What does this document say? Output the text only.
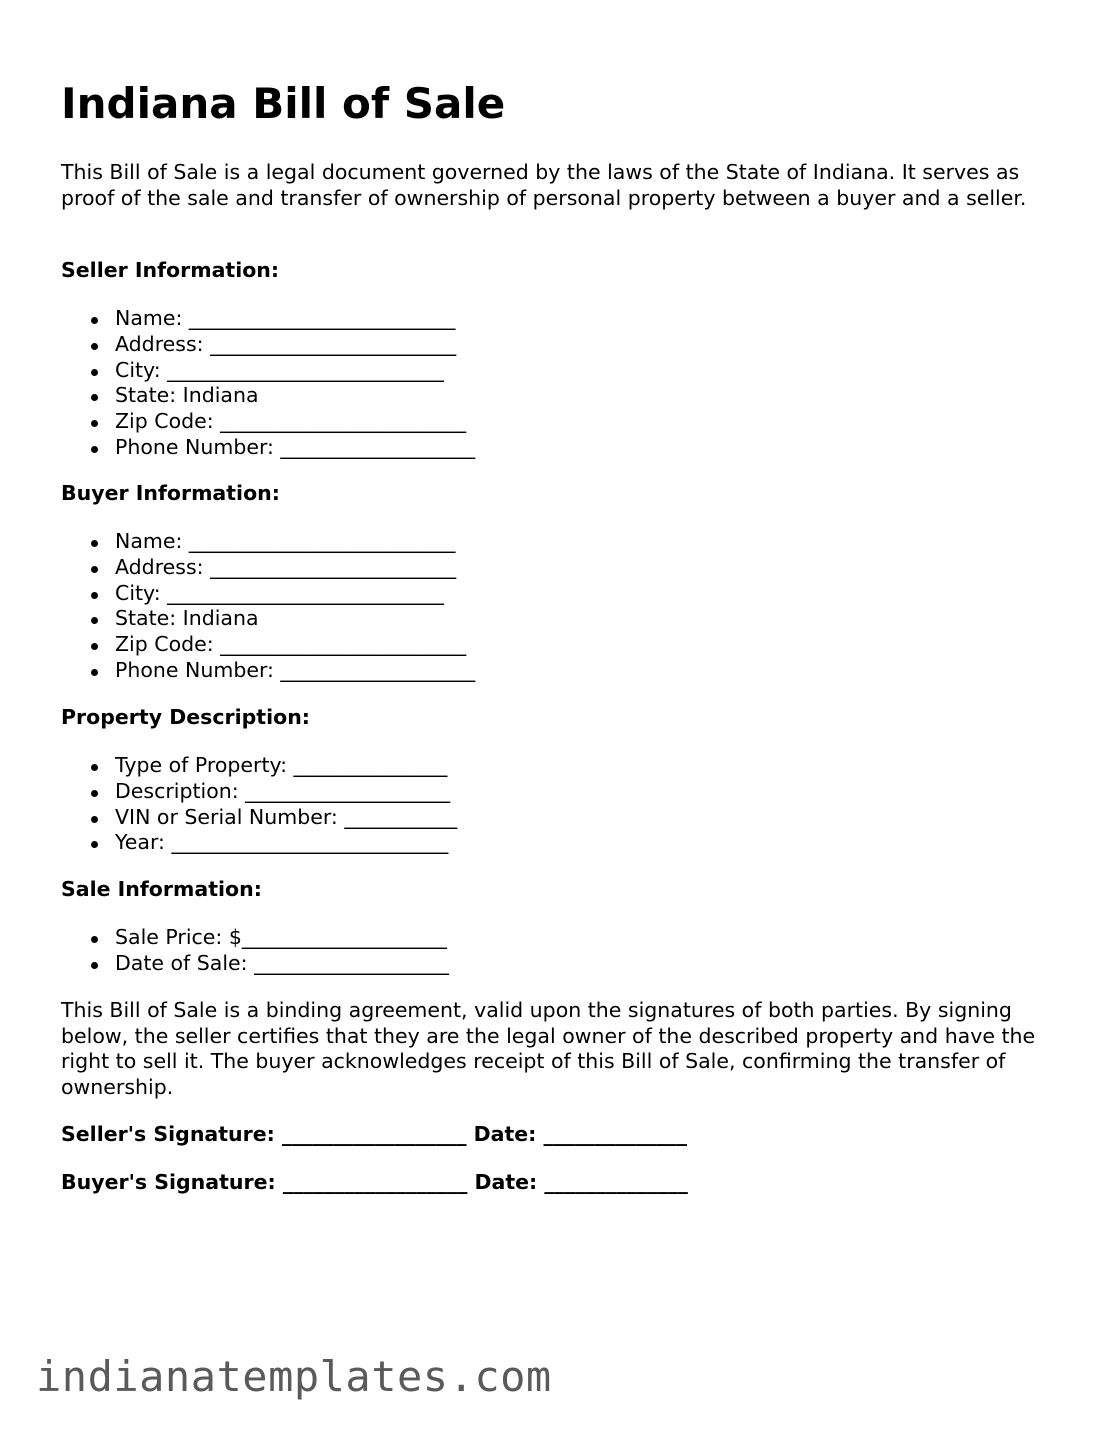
Indiana Bill of Sale

This Bill of Sale is a legal document governed by the laws of the State of Indiana. It serves as proof of the sale and transfer of ownership of personal property between a buyer and a seller.

Seller Information:
Name: __________________________
Address: ________________________
City: ___________________________
State: Indiana
Zip Code: ________________________
Phone Number: ___________________
Buyer Information:
Name: __________________________
Address: ________________________
City: ___________________________
State: Indiana
Zip Code: ________________________
Phone Number: ___________________
Property Description:
Type of Property: _______________
Description: ____________________
VIN or Serial Number: ___________
Year: ___________________________
Sale Information:
Sale Price: $____________________
Date of Sale: ___________________

This Bill of Sale is a binding agreement, valid upon the signatures of both parties. By signing below, the seller certifies that they are the legal owner of the described property and have the right to sell it. The buyer acknowledges receipt of this Bill of Sale, confirming the transfer of ownership.

Seller's Signature: __________________ Date: ______________

Buyer's Signature: __________________ Date: ______________

indianatemplates.com
